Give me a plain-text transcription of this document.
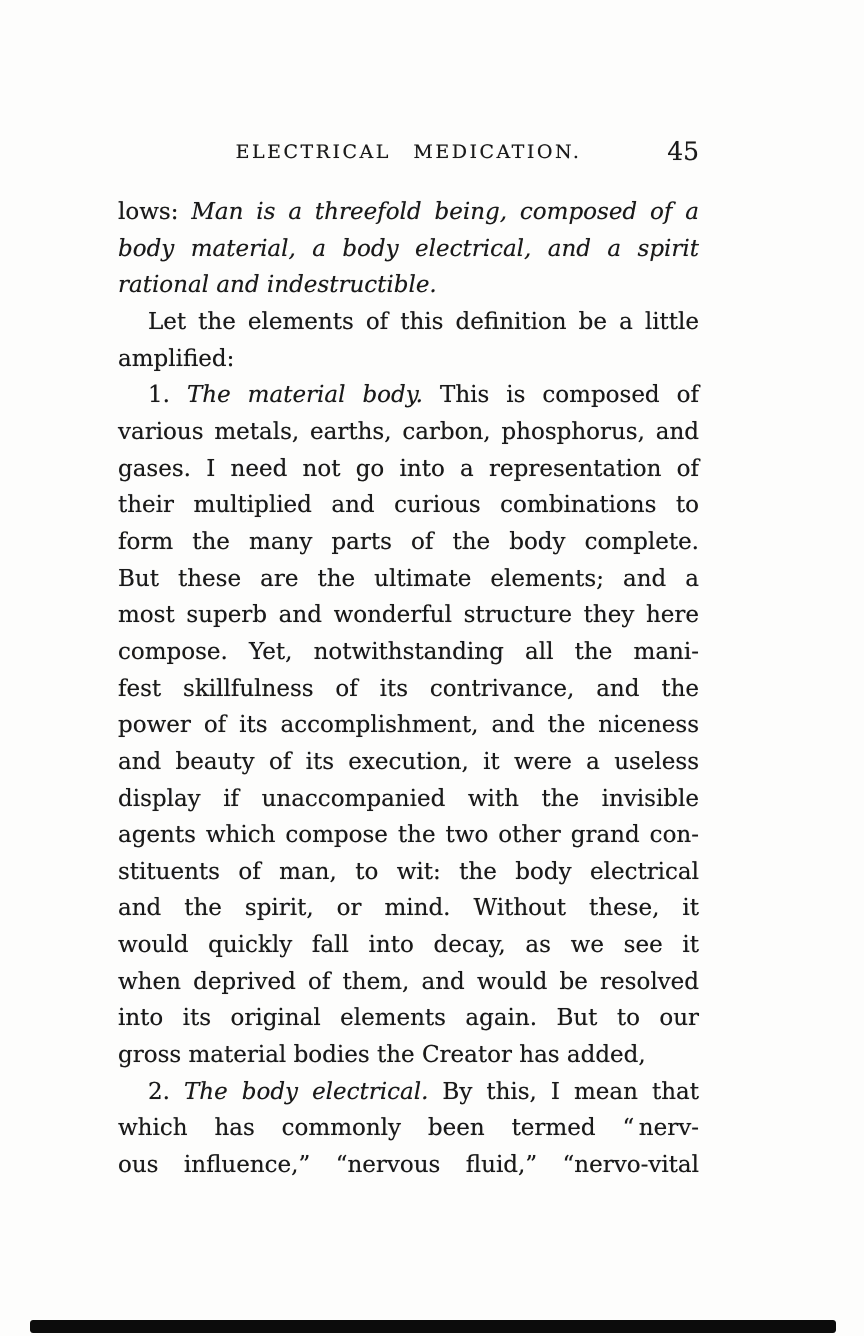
ELECTRICAL MEDICATION.	45
lows: Man is a threefold being, composed of a
body material, a body electrical, and a spirit
rational and indestructible.
Let the elements of this definition be a little
amplified:
1. The material body. This is composed of
various metals, earths, carbon, phosphorus, and
gases. I need not go into a representation of
their multiplied and curious combinations to
form the many parts of the body complete.
But these are the ultimate elements; and a
most superb and wonderful structure they here
compose. Yet, notwithstanding all the mani-
fest skillfulness of its contrivance, and the
power of its accomplishment, and the niceness
and beauty of its execution, it were a useless
display if unaccompanied with the invisible
agents which compose the two other grand con-
stituents of man, to wit: the body electrical
and the spirit, or mind. Without these, it
would quickly fall into decay, as we see it
when deprived of them, and would be resolved
into its original elements again. But to our
gross material bodies the Creator has added,
2. The body electrical. By this, I mean that
which has commonly been termed “ nerv-
ous influence,” “nervous fluid,” “nervo-vital
